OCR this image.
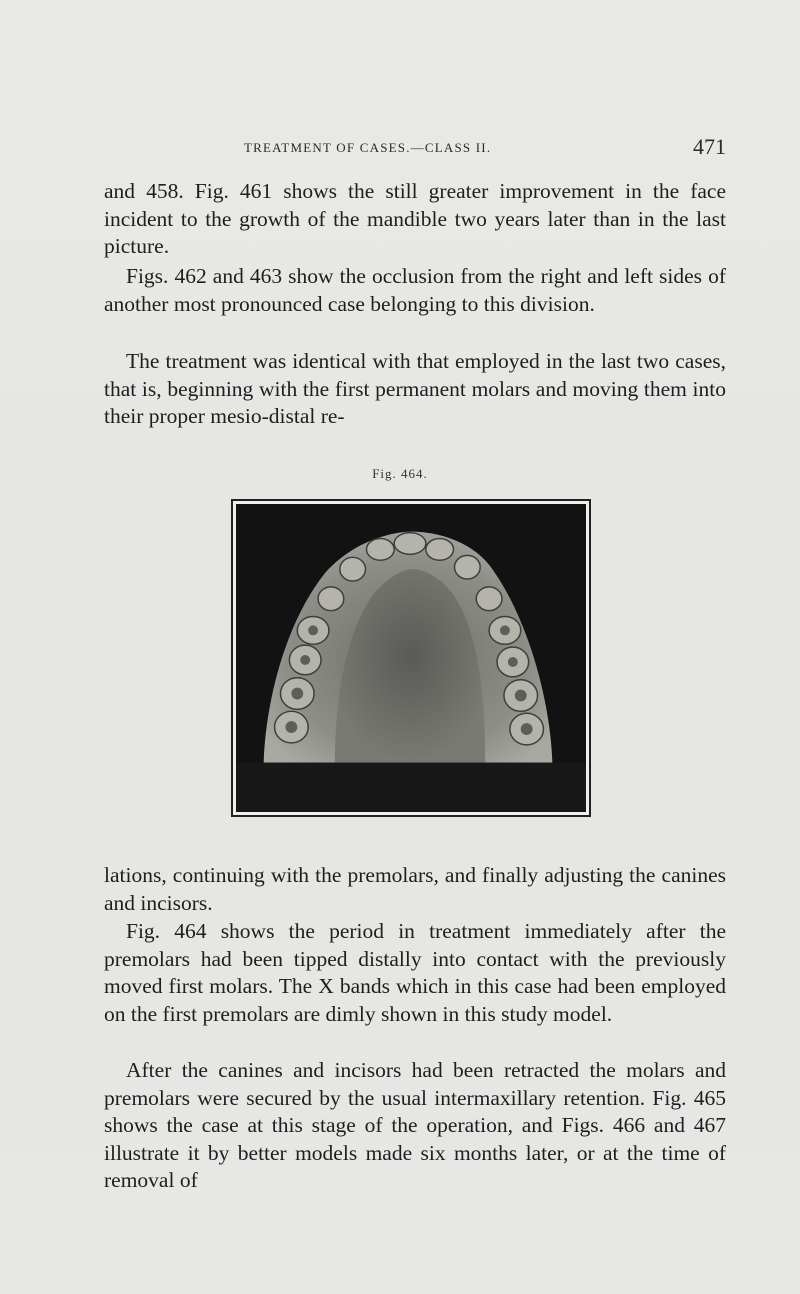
TREATMENT OF CASES.—CLASS II.	471

and 458. Fig. 461 shows the still greater improvement in the face incident to the growth of the mandible two years later than in the last picture.

Figs. 462 and 463 show the occlusion from the right and left sides of another most pronounced case belonging to this division.

The treatment was identical with that employed in the last two cases, that is, beginning with the first permanent molars and moving them into their proper mesio-distal re-

Fig. 464.

lations, continuing with the premolars, and finally adjusting the canines and incisors.

Fig. 464 shows the period in treatment immediately after the premolars had been tipped distally into contact with the previously moved first molars. The X bands which in this case had been employed on the first premolars are dimly shown in this study model.

After the canines and incisors had been retracted the molars and premolars were secured by the usual intermaxillary retention. Fig. 465 shows the case at this stage of the operation, and Figs. 466 and 467 illustrate it by better models made six months later, or at the time of removal of
